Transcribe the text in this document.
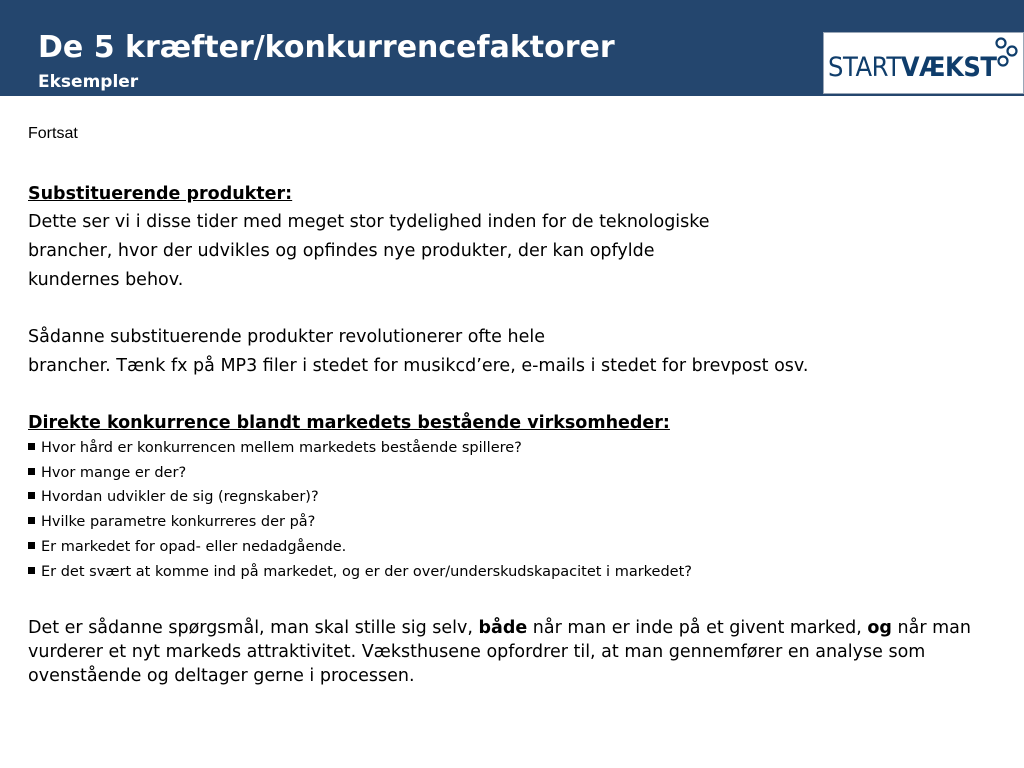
De 5 kræfter/konkurrencefaktorer
Eksempler	STARTVÆKST
Fortsat
Substituerende produkter:
Dette ser vi i disse tider med meget stor tydelighed inden for de teknologiske
brancher, hvor der udvikles og opfindes nye produkter, der kan opfylde
kundernes behov.
Sådanne substituerende produkter revolutionerer ofte hele
brancher. Tænk fx på MP3 filer i stedet for musikcd’ere, e-mails i stedet for brevpost osv.
Direkte konkurrence blandt markedets bestående virksomheder:
Hvor hård er konkurrencen mellem markedets bestående spillere?
Hvor mange er der?
Hvordan udvikler de sig (regnskaber)?
Hvilke parametre konkurreres der på?
Er markedet for opad- eller nedadgående.
Er det svært at komme ind på markedet, og er der over/underskudskapacitet i markedet?
Det er sådanne spørgsmål, man skal stille sig selv, både når man er inde på et givent marked, og når man vurderer et nyt markeds attraktivitet. Væksthusene opfordrer til, at man gennemfører en analyse som ovenstående og deltager gerne i processen.
